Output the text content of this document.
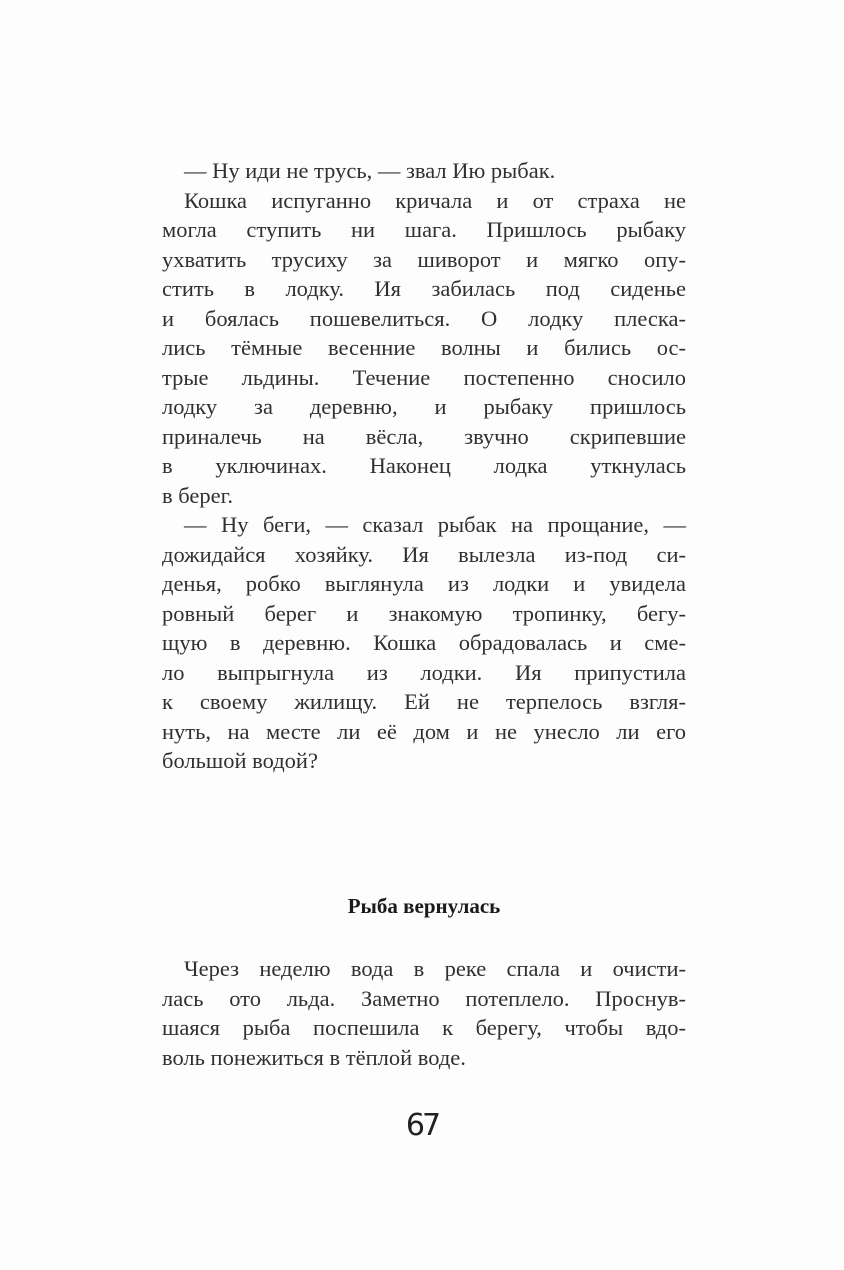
— Ну иди не трусь, — звал Ию рыбак.
Кошка испуганно кричала и от страха не
могла ступить ни шага. Пришлось рыбаку
ухватить трусиху за шиворот и мягко опу-
стить в лодку. Ия забилась под сиденье
и боялась пошевелиться. О лодку плеска-
лись тёмные весенние волны и бились ос-
трые льдины. Течение постепенно сносило
лодку за деревню, и рыбаку пришлось
приналечь на вёсла, звучно скрипевшие
в уключинах. Наконец лодка уткнулась
в берег.
— Ну беги, — сказал рыбак на прощание, —
дожидайся хозяйку. Ия вылезла из-под си-
денья, робко выглянула из лодки и увидела
ровный берег и знакомую тропинку, бегу-
щую в деревню. Кошка обрадовалась и сме-
ло выпрыгнула из лодки. Ия припустила
к своему жилищу. Ей не терпелось взгля-
нуть, на месте ли её дом и не унесло ли его
большой водой?
Рыба вернулась
Через неделю вода в реке спала и очисти-
лась ото льда. Заметно потеплело. Проснув-
шаяся рыба поспешила к берегу, чтобы вдо-
воль понежиться в тёплой воде.
67
